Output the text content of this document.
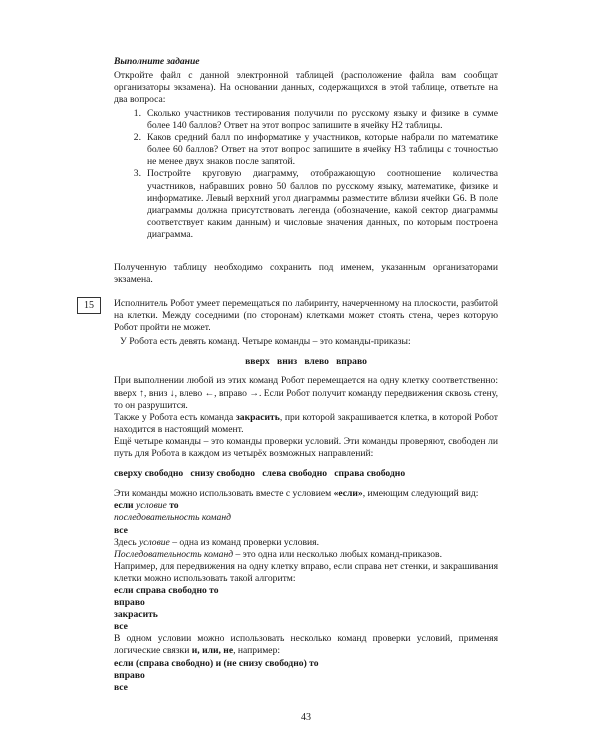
Выполните задание

Откройте файл с данной электронной таблицей (расположение файла вам сообщат организаторы экзамена). На основании данных, содержащихся в этой таблице, ответьте на два вопроса:

1. Сколько участников тестирования получили по русскому языку и физике в сумме более 140 баллов? Ответ на этот вопрос запишите в ячейку H2 таблицы.
2. Каков средний балл по информатике у участников, которые набрали по математике более 60 баллов? Ответ на этот вопрос запишите в ячейку H3 таблицы с точностью не менее двух знаков после запятой.
3. Постройте круговую диаграмму, отображающую соотношение количества участников, набравших ровно 50 баллов по русскому языку, математике, физике и информатике. Левый верхний угол диаграммы разместите вблизи ячейки G6. В поле диаграммы должна присутствовать легенда (обозначение, какой сектор диаграммы соответствует каким данным) и числовые значения данных, по которым построена диаграмма.

Полученную таблицу необходимо сохранить под именем, указанным организаторами экзамена.

15	Исполнитель Робот умеет перемещаться по лабиринту, начерченному на плоскости, разбитой на клетки. Между соседними (по сторонам) клетками может стоять стена, через которую Робот пройти не может.

У Робота есть девять команд. Четыре команды – это команды-приказы:

вверх   вниз   влево   вправо

При выполнении любой из этих команд Робот перемещается на одну клетку соответственно: вверх ↑, вниз ↓, влево ←, вправо →. Если Робот получит команду передвижения сквозь стену, то он разрушится.

Также у Робота есть команда закрасить, при которой закрашивается клетка, в которой Робот находится в настоящий момент.

Ещё четыре команды – это команды проверки условий. Эти команды проверяют, свободен ли путь для Робота в каждом из четырёх возможных направлений:

сверху свободно   снизу свободно   слева свободно   справа свободно

Эти команды можно использовать вместе с условием «если», имеющим следующий вид:

если условие то

последовательность команд

все

Здесь условие – одна из команд проверки условия.

Последовательность команд – это одна или несколько любых команд-приказов.

Например, для передвижения на одну клетку вправо, если справа нет стенки, и закрашивания клетки можно использовать такой алгоритм:

если справа свободно то

вправо

закрасить

все

В одном условии можно использовать несколько команд проверки условий, применяя логические связки и, или, не, например:

если (справа свободно) и (не снизу свободно) то

вправо

все

43
